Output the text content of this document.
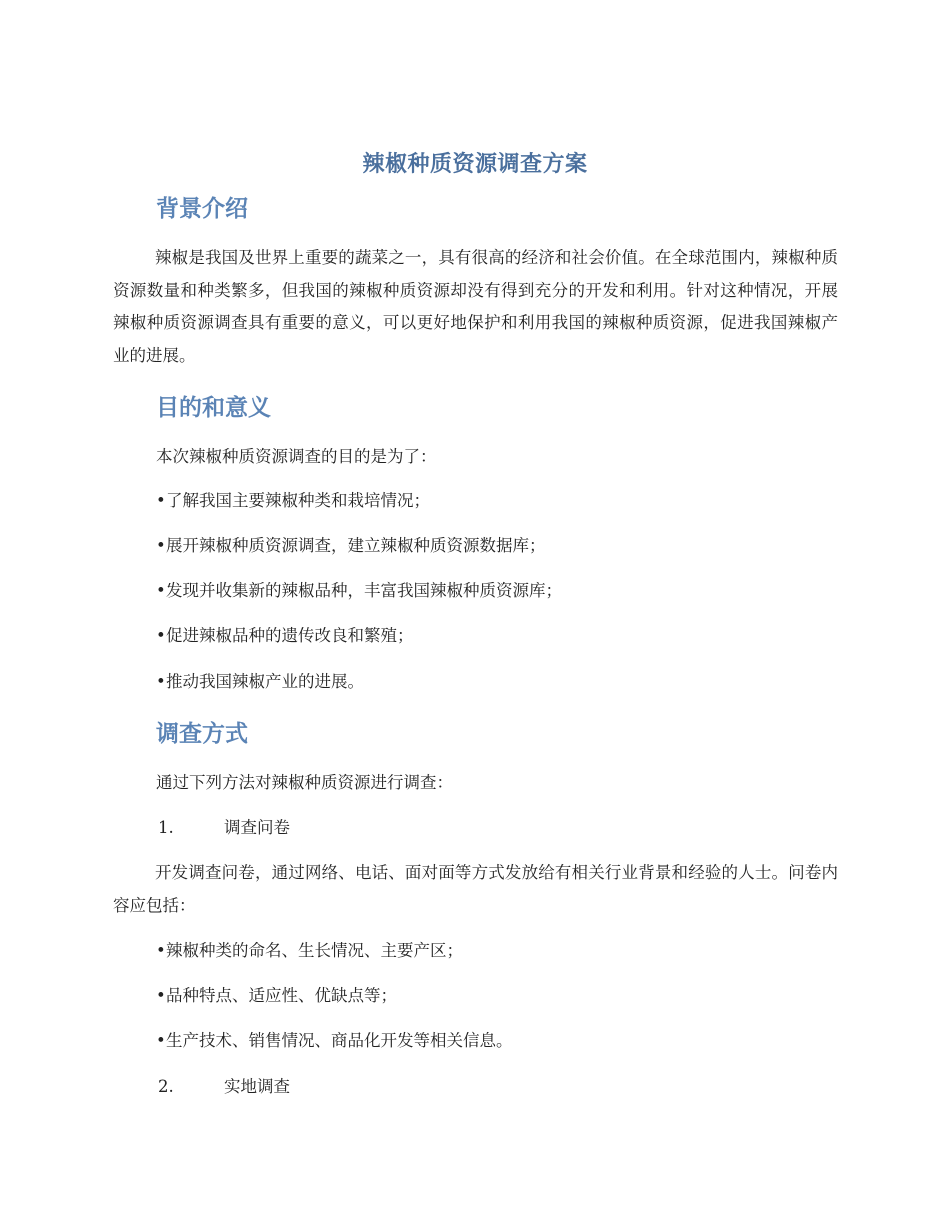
辣椒种质资源调查方案
背景介绍
辣椒是我国及世界上重要的蔬菜之一，具有很高的经济和社会价值。在全球范围内，辣椒种质资源数量和种类繁多，但我国的辣椒种质资源却没有得到充分的开发和利用。针对这种情况，开展辣椒种质资源调查具有重要的意义，可以更好地保护和利用我国的辣椒种质资源，促进我国辣椒产业的进展。
目的和意义
本次辣椒种质资源调查的目的是为了：
•了解我国主要辣椒种类和栽培情况；
•展开辣椒种质资源调查，建立辣椒种质资源数据库；
•发现并收集新的辣椒品种，丰富我国辣椒种质资源库；
•促进辣椒品种的遗传改良和繁殖；
•推动我国辣椒产业的进展。
调查方式
通过下列方法对辣椒种质资源进行调查：
1.	调查问卷
开发调查问卷，通过网络、电话、面对面等方式发放给有相关行业背景和经验的人士。问卷内容应包括：
•辣椒种类的命名、生长情况、主要产区；
•品种特点、适应性、优缺点等；
•生产技术、销售情况、商品化开发等相关信息。
2.	实地调查
